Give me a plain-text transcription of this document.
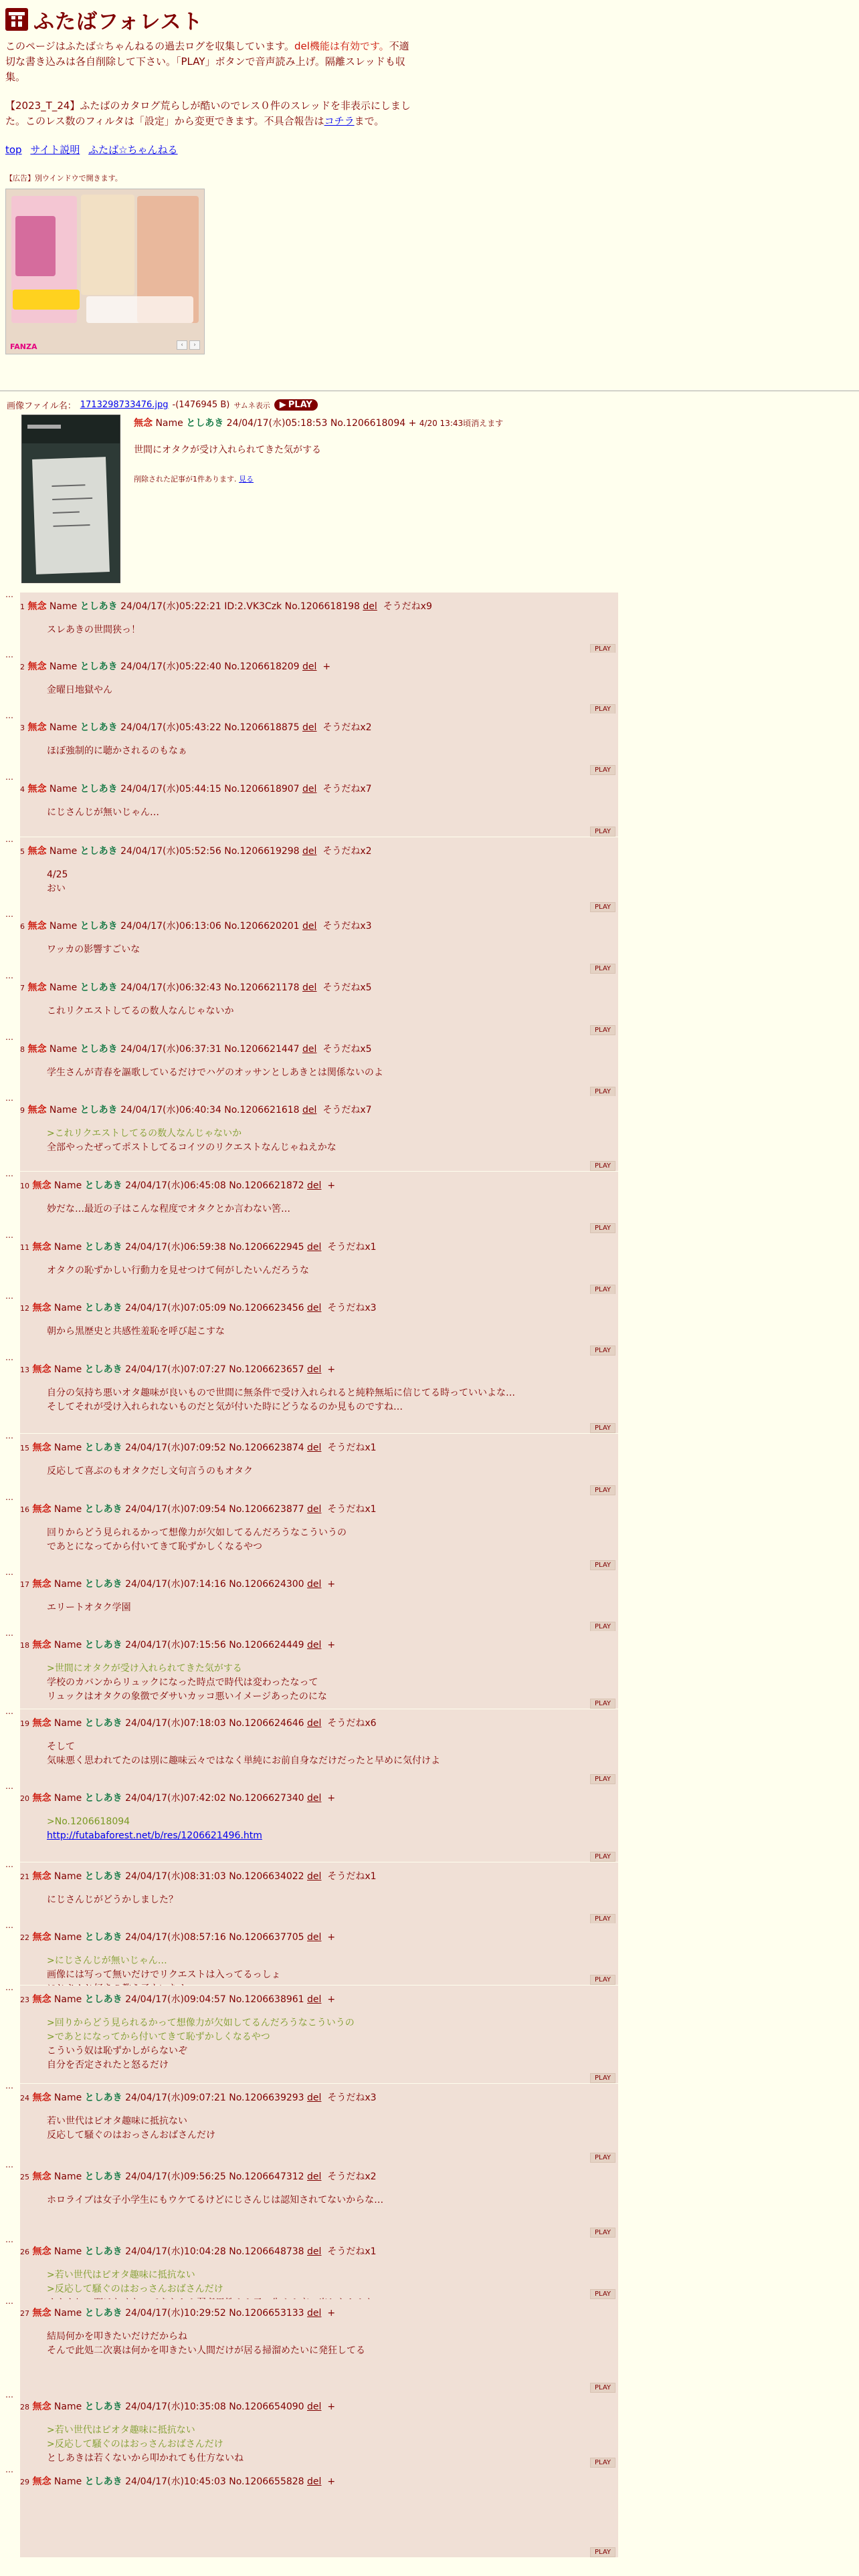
ふたばフォレスト
このページはふたば☆ちゃんねるの過去ログを収集しています。del機能は有効です。不適切な書き込みは各自削除して下さい。「PLAY」ボタンで音声読み上げ。隔離スレッドも収集。
【2023_T_24】ふたばのカタログ荒らしが酷いのでレス０件のスレッドを非表示にしました。このレス数のフィルタは「設定」から変更できます。不具合報告はコチラまで。
top サイト説明 ふたば☆ちゃんねる
【広告】別ウインドウで開きます。
FANZA	‹	›
画像ファイル名： 1713298733476.jpg -(1476945 B) サムネ表示 ▶ PLAY
無念 Name としあき 24/04/17(水)05:18:53 No.1206618094 + 4/20 13:43頃消えます
世間にオタクが受け入れられてきた気がする
削除された記事が1件あります. 見る
…
1 無念 Name としあき 24/04/17(水)05:22:21 ID:2.VK3Czk No.1206618198 del そうだねx9
スレあきの世間狭っ！
PLAY
…
2 無念 Name としあき 24/04/17(水)05:22:40 No.1206618209 del +
金曜日地獄やん
PLAY
…
3 無念 Name としあき 24/04/17(水)05:43:22 No.1206618875 del そうだねx2
ほぼ強制的に聴かされるのもなぁ
PLAY
…
4 無念 Name としあき 24/04/17(水)05:44:15 No.1206618907 del そうだねx7
にじさんじが無いじゃん…
PLAY
…
5 無念 Name としあき 24/04/17(水)05:52:56 No.1206619298 del そうだねx2
4/25
おい
PLAY
…
6 無念 Name としあき 24/04/17(水)06:13:06 No.1206620201 del そうだねx3
ワッカの影響すごいな
PLAY
…
7 無念 Name としあき 24/04/17(水)06:32:43 No.1206621178 del そうだねx5
これリクエストしてるの数人なんじゃないか
PLAY
…
8 無念 Name としあき 24/04/17(水)06:37:31 No.1206621447 del そうだねx5
学生さんが青春を謳歌しているだけでハゲのオッサンとしあきとは関係ないのよ
PLAY
…
9 無念 Name としあき 24/04/17(水)06:40:34 No.1206621618 del そうだねx7
>これリクエストしてるの数人なんじゃないか
全部やったぜってポストしてるコイツのリクエストなんじゃねえかな
PLAY
…
10 無念 Name としあき 24/04/17(水)06:45:08 No.1206621872 del +
妙だな…最近の子はこんな程度でオタクとか言わない筈…
PLAY
…
11 無念 Name としあき 24/04/17(水)06:59:38 No.1206622945 del そうだねx1
オタクの恥ずかしい行動力を見せつけて何がしたいんだろうな
PLAY
…
12 無念 Name としあき 24/04/17(水)07:05:09 No.1206623456 del そうだねx3
朝から黒歴史と共感性羞恥を呼び起こすな
PLAY
…
13 無念 Name としあき 24/04/17(水)07:07:27 No.1206623657 del +
自分の気持ち悪いオタ趣味が良いもので世間に無条件で受け入れられると純粋無垢に信じてる時っていいよな…
そしてそれが受け入れられないものだと気が付いた時にどうなるのか見ものですね…
PLAY
…
15 無念 Name としあき 24/04/17(水)07:09:52 No.1206623874 del そうだねx1
反応して喜ぶのもオタクだし文句言うのもオタク
PLAY
…
16 無念 Name としあき 24/04/17(水)07:09:54 No.1206623877 del そうだねx1
回りからどう見られるかって想像力が欠如してるんだろうなこういうの
であとになってから付いてきて恥ずかしくなるやつ
PLAY
…
17 無念 Name としあき 24/04/17(水)07:14:16 No.1206624300 del +
エリートオタク学園
PLAY
…
18 無念 Name としあき 24/04/17(水)07:15:56 No.1206624449 del +
>世間にオタクが受け入れられてきた気がする
学校のカバンからリュックになった時点で時代は変わったなって
リュックはオタクの象徴でダサいカッコ悪いイメージあったのにな
PLAY
…
19 無念 Name としあき 24/04/17(水)07:18:03 No.1206624646 del そうだねx6
そして
気味悪く思われてたのは別に趣味云々ではなく単純にお前自身なだけだったと早めに気付けよ
PLAY
…
20 無念 Name としあき 24/04/17(水)07:42:02 No.1206627340 del +
>No.1206618094
http://futabaforest.net/b/res/1206621496.htm
PLAY
…
21 無念 Name としあき 24/04/17(水)08:31:03 No.1206634022 del そうだねx1
にじさんじがどうかしました？
PLAY
…
22 無念 Name としあき 24/04/17(水)08:57:16 No.1206637705 del +
>にじさんじが無いじゃん…
画像には写って無いだけでリクエストは入ってるっしょ	PLAY
…
23 無念 Name としあき 24/04/17(水)09:04:57 No.1206638961 del +
>回りからどう見られるかって想像力が欠如してるんだろうなこういうの
>であとになってから付いてきて恥ずかしくなるやつ
こういう奴は恥ずかしがらないぞ
自分を否定されたと怒るだけ
PLAY
…
24 無念 Name としあき 24/04/17(水)09:07:21 No.1206639293 del そうだねx3
若い世代はピオタ趣味に抵抗ない
反応して騒ぐのはおっさんおばさんだけ
PLAY
…
25 無念 Name としあき 24/04/17(水)09:56:25 No.1206647312 del そうだねx2
ホロライブは女子小学生にもウケてるけどにじさんじは認知されてないからな…
PLAY
…
26 無念 Name としあき 24/04/17(水)10:04:28 No.1206648738 del そうだねx1
>若い世代はピオタ趣味に抵抗ない
>反応して騒ぐのはおっさんおばさんだけ	PLAY
…
27 無念 Name としあき 24/04/17(水)10:29:52 No.1206653133 del +
結局何かを叩きたいだけだからね
そんで此処二次裏は何かを叩きたい人間だけが居る掃溜めたいに発狂してる
PLAY
…
28 無念 Name としあき 24/04/17(水)10:35:08 No.1206654090 del +
>若い世代はピオタ趣味に抵抗ない
>反応して騒ぐのはおっさんおばさんだけ
としあきは若くないから叩かれても仕方ないね	PLAY
…
29 無念 Name としあき 24/04/17(水)10:45:03 No.1206655828 del +
PLAY
